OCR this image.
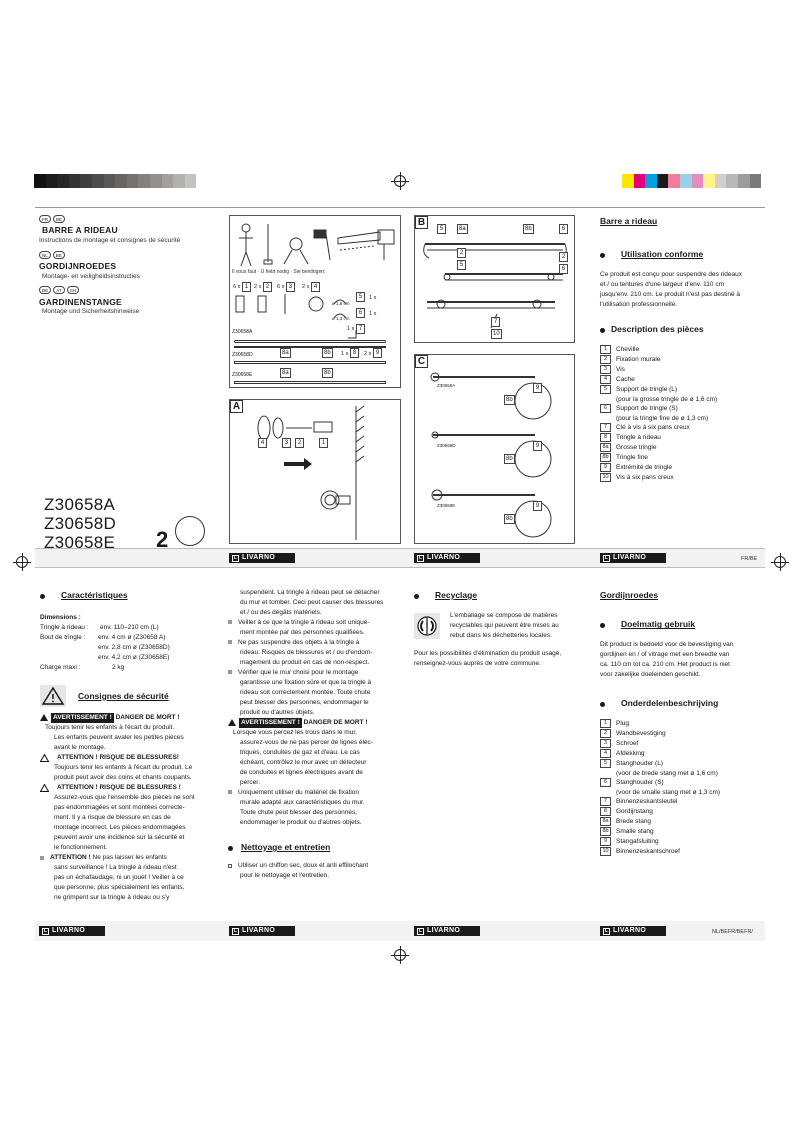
FR BE
BARRE A RIDEAU
Instructions de montage et consignes de sécurité
NL BE
GORDIJNROEDES
Montage- en veiligheidsinstructies
DE AT CH
GARDINENSTANGE
Montage und Sicherheitshinweise
Z30658A
Z30658D
Z30658E 2
Il vous faut · U hebt nodig · Sie benötigen:
6 x 1	2 x 2	6 x 3	2 x 4
5	1 x
ø 1,6 cm
6	1 x
ø 1,3 cm
1 x 7
Z30658A
Z30658D	8a	8b	1 x 8	2 x 9
Z30658E	8a	8b
A
4	3	2	1
B
5	8a	8b	6
2
2
5
6
7
10
C
Z30658A
Z30658D
Z30658E
9
8b
9
8b
9
8b
Barre a rideau
Utilisation conforme
Ce produit est conçu pour suspendre des rideaux
et / ou tentures d'une largeur d'env. 110 cm
jusqu'env. 210 cm. Le produit n'est pas destiné à
l'utilisation professionnelle.
Description des pièces
1	Cheville
2	Fixation murale
3	Vis
4	Cache
5	Support de tringle (L)
(pour la grosse tringle de ø 1,6 cm)
6	Support de tringle (S)
(pour la tringle fine de ø 1,3 cm)
7	Clé à vis à six pans creux
8	Tringle à rideau
8a	Grosse tringle
8b	Tringle fine
9	Extrémité de tringle
10	Vis à six pans creux
L LIVARNO	L LIVARNO	L LIVARNO	FR/BE
L LIVARNO	L LIVARNO	L LIVARNO	L LIVARNO	NL/BEFR/BEFR/
Caractéristiques
Dimensions :
Tringle à rideau : env. 110–210 cm (L)
Bout de tringle : env. 4 cm ø (Z30658 A)
env. 2,8 cm ø (Z30658D)
env. 4,2 cm ø (Z30658E)
Charge maxi :	2 kg
Consignes de sécurité
AVERTISSEMENT ! DANGER DE MORT !
Toujours tenir les enfants à l'écart du produit.
Les enfants peuvent avaler les petites pièces
avant le montage.
ATTENTION ! RISQUE DE BLESSURES!
Toujours tenir les enfants à l'écart du produit. Le
produit peut avoir des coins et chants coupants.
ATTENTION ! RISQUE DE BLESSURES !
Assurez-vous que l'ensemble des pièces ne sont
pas endommagées et sont montées correcte-
ment. Il y a risque de blessure en cas de
montage incorrect. Les pièces endommagées
peuvent avoir une incidence sur la sécurité et
le fonctionnement.
ATTENTION ! Ne pas laisser les enfants
sans surveillance ! La tringle à rideau n'est
pas un échafaudage, ni un jouet ! Veiller à ce
que personne, plus spécialement les enfants,
ne grimpent sur la tringle à rideau ou s'y
suspendent. La tringle à rideau peut se détacher
du mur et tomber. Ceci peut causer des blessures
et / ou des dégâts matériels.
Veiller à ce que la tringle à rideau soit unique-
ment montée par des personnes qualifiées.
Ne pas suspendre des objets à la tringle à
rideau. Risques de blessures et / ou d'endom-
magement du produit en cas de non-respect.
Vérifier que le mur choisi pour le montage
garantisse une fixation sûre et que la tringle à
rideau soit correctement montée. Toute chute
peut blesser des personnes, endommager le
produit ou d'autres objets.
AVERTISSEMENT ! DANGER DE MORT !
Lorsque vous percez les trous dans le mur,
assurez-vous de ne pas percer de lignes élec-
triques, conduites de gaz et d'eau. Le cas
échéant, contrôlez le mur avec un détecteur
de conduites et lignes électriques avant de
percer.
Uniquement utiliser du matériel de fixation
murale adapté aux caractéristiques du mur.
Toute chute peut blesser des personnes,
endommager le produit ou d'autres objets.
Nettoyage et entretien
Utiliser un chiffon sec, doux et anti effilochant
pour le nettoyage et l'entretien.
Recyclage
L'emballage se compose de matières
recyclables qui peuvent être mises au
rebut dans les déchetteries locales.
Pour les possibilités d'élimination du produit usagé,
renseignez-vous auprès de votre commune.
Gordijnroedes
Doelmatig gebruik
Dit product is bedoeld voor de bevestiging van
gordijnen en / of vitrage met een breedte van
ca. 110 cm tot ca. 210 cm. Het product is niet
voor zakelijke doeleinden geschikt.
Onderdelenbeschrijving
1	Plug
2	Wandbevestiging
3	Schroef
4	Afdekking
5	Stanghouder (L)
(voor de brede stang met ø 1,6 cm)
6	Stanghouder (S)
(voor de smalle stang met ø 1,3 cm)
7	Binnenzeskantsleutel
8	Gordijnstang
8a	Brede stang
8b	Smalle stang
9	Stangafsluiting
10	Binnenzeskantschroef
